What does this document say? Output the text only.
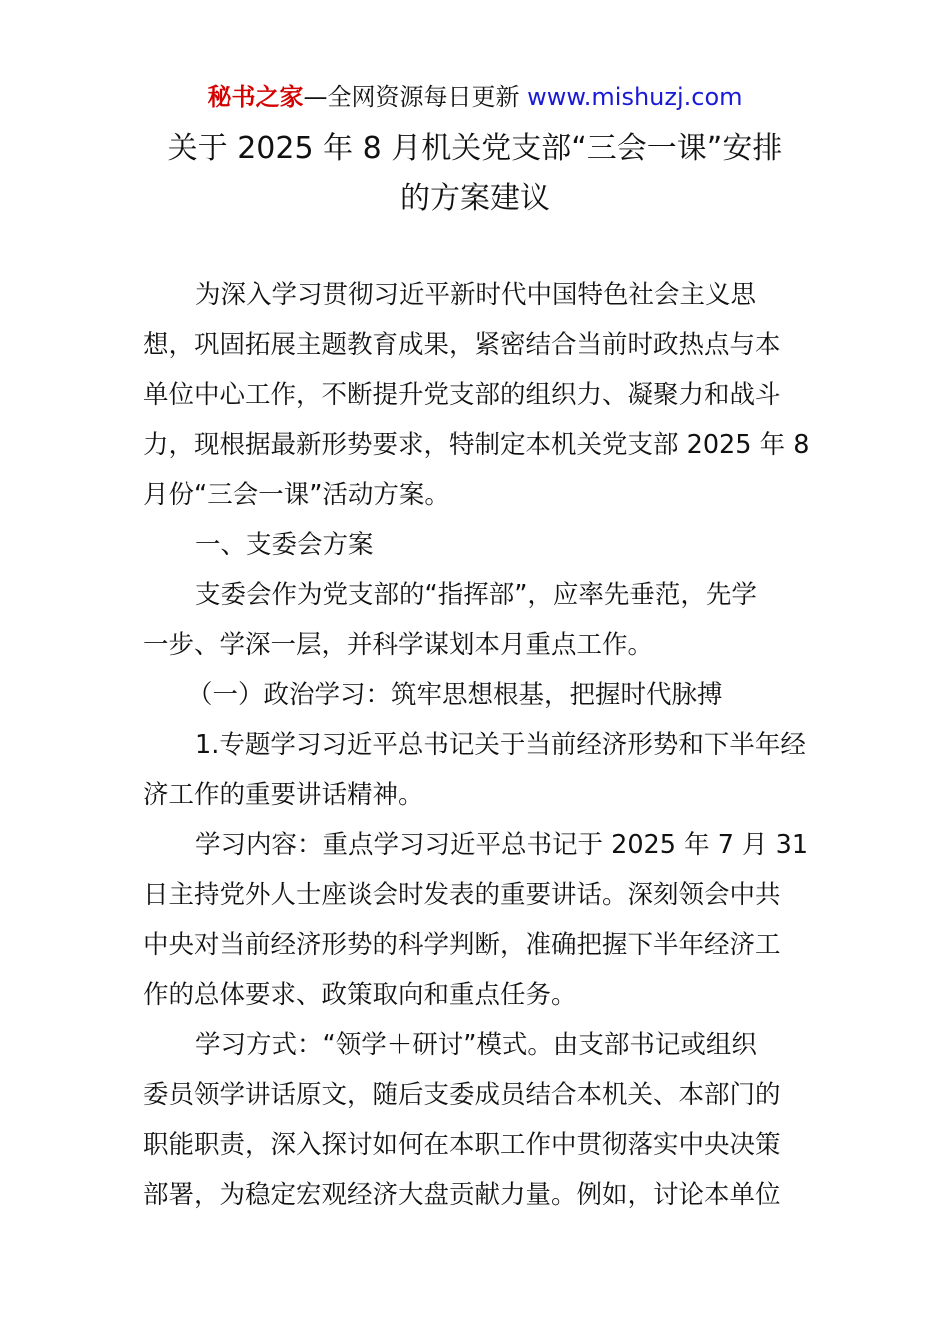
秘书之家—全网资源每日更新 www.mishuzj.com
关于 2025 年 8 月机关党支部“三会一课”安排
的方案建议
为深入学习贯彻习近平新时代中国特色社会主义思
想，巩固拓展主题教育成果，紧密结合当前时政热点与本
单位中心工作，不断提升党支部的组织力、凝聚力和战斗
力，现根据最新形势要求，特制定本机关党支部 2025 年 8
月份“三会一课”活动方案。
一、支委会方案
支委会作为党支部的“指挥部”，应率先垂范，先学
一步、学深一层，并科学谋划本月重点工作。
（一）政治学习：筑牢思想根基，把握时代脉搏
1.专题学习习近平总书记关于当前经济形势和下半年经
济工作的重要讲话精神。
学习内容：重点学习习近平总书记于 2025 年 7 月 31
日主持党外人士座谈会时发表的重要讲话。深刻领会中共
中央对当前经济形势的科学判断，准确把握下半年经济工
作的总体要求、政策取向和重点任务。
学习方式：“领学＋研讨”模式。由支部书记或组织
委员领学讲话原文，随后支委成员结合本机关、本部门的
职能职责，深入探讨如何在本职工作中贯彻落实中央决策
部署，为稳定宏观经济大盘贡献力量。例如，讨论本单位
